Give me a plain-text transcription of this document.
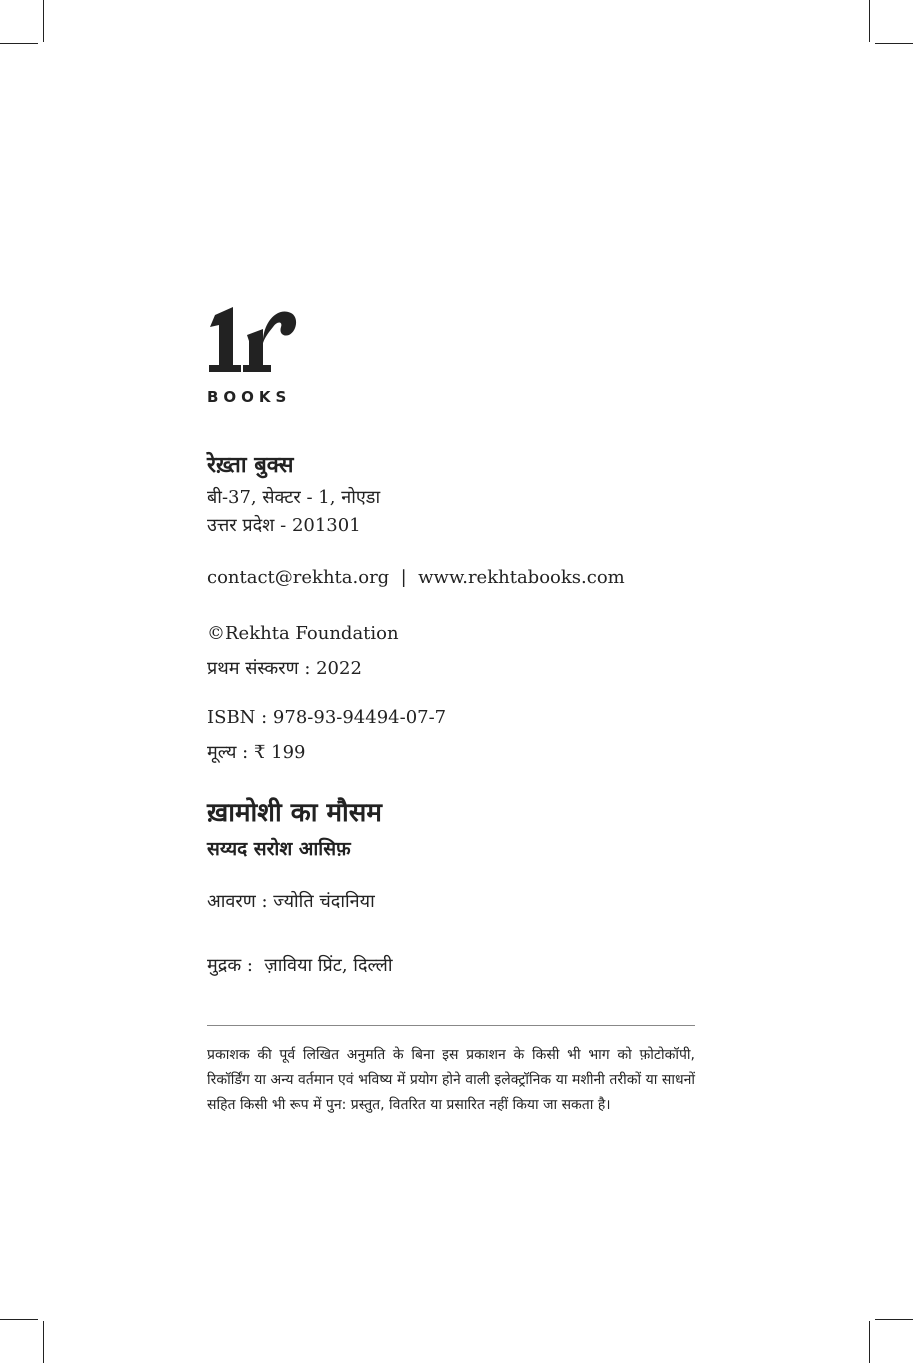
BOOKS
रेख़्ता बुक्स
बी-37, सेक्टर - 1, नोएडा
उत्तर प्रदेश - 201301
contact@rekhta.org  |  www.rekhtabooks.com
©Rekhta Foundation
प्रथम संस्करण : 2022
ISBN : 978-93-94494-07-7
मूल्य : ₹ 199
ख़ामोशी का मौसम
सय्यद सरोश आसिफ़
आवरण : ज्योति चंदानिया
मुद्रक :  ज़ाविया प्रिंट, दिल्ली
प्रकाशक की पूर्व लिखित अनुमति के बिना इस प्रकाशन के किसी भी भाग को फ़ोटोकॉपी, रिकॉर्डिंग या अन्य वर्तमान एवं भविष्य में प्रयोग होने वाली इलेक्ट्रॉनिक या मशीनी तरीकों या साधनों सहित किसी भी रूप में पुन: प्रस्तुत, वितरित या प्रसारित नहीं किया जा सकता है।
